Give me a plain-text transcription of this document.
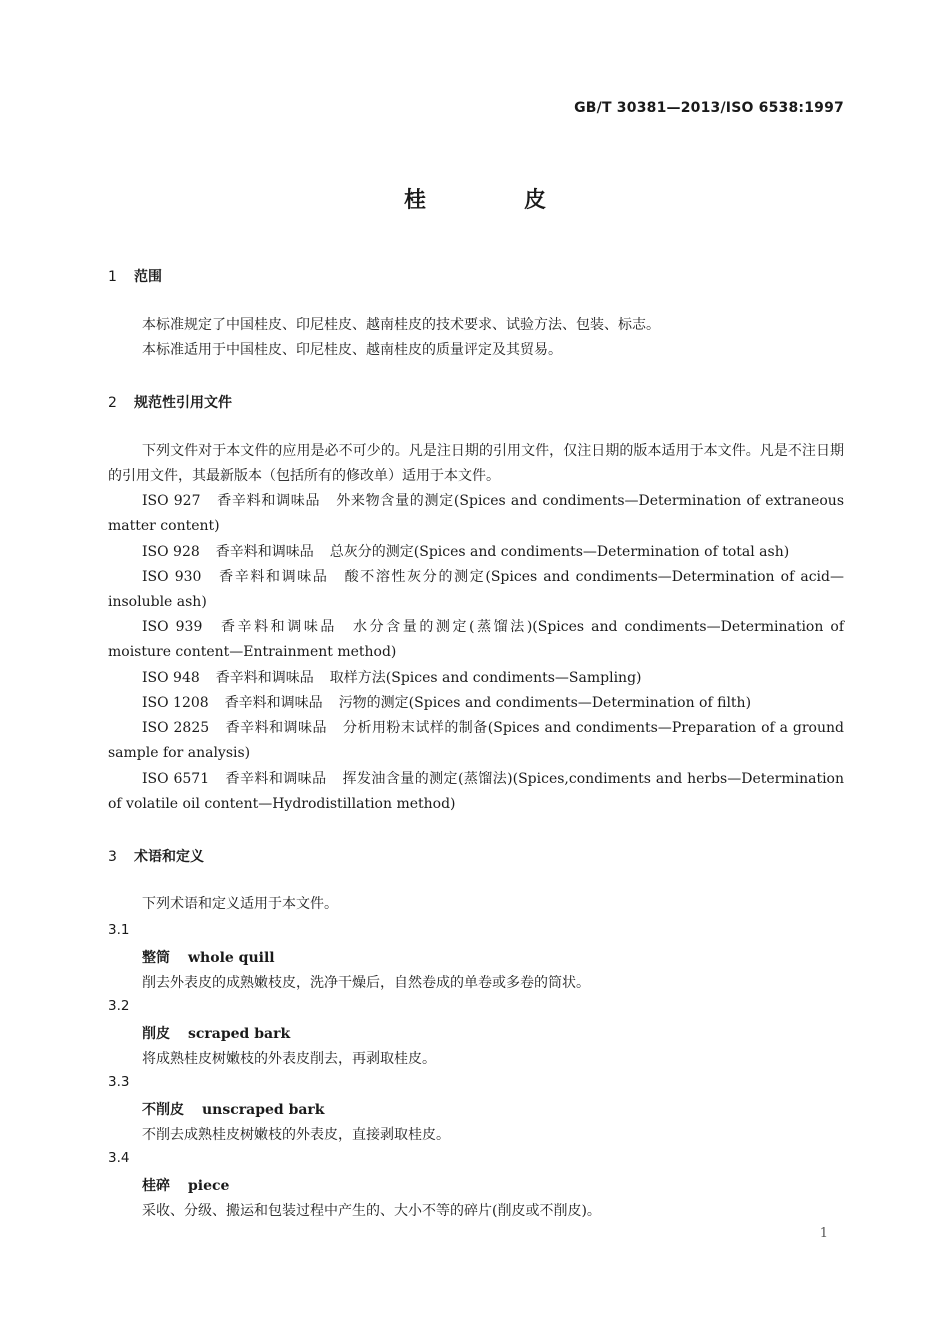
GB/T 30381—2013/ISO 6538:1997
桂　皮
1 范围
本标准规定了中国桂皮、印尼桂皮、越南桂皮的技术要求、试验方法、包装、标志。
本标准适用于中国桂皮、印尼桂皮、越南桂皮的质量评定及其贸易。
2 规范性引用文件
下列文件对于本文件的应用是必不可少的。凡是注日期的引用文件，仅注日期的版本适用于本文件。凡是不注日期的引用文件，其最新版本（包括所有的修改单）适用于本文件。
ISO 927 香辛料和调味品 外来物含量的测定(Spices and condiments—Determination of extraneous matter content)
ISO 928 香辛料和调味品 总灰分的测定(Spices and condiments—Determination of total ash)
ISO 930 香辛料和调味品 酸不溶性灰分的测定(Spices and condiments—Determination of acid—insoluble ash)
ISO 939 香辛料和调味品 水分含量的测定(蒸馏法)(Spices and condiments—Determination of moisture content—Entrainment method)
ISO 948 香辛料和调味品 取样方法(Spices and condiments—Sampling)
ISO 1208 香辛料和调味品 污物的测定(Spices and condiments—Determination of filth)
ISO 2825 香辛料和调味品 分析用粉末试样的制备(Spices and condiments—Preparation of a ground sample for analysis)
ISO 6571 香辛料和调味品 挥发油含量的测定(蒸馏法)(Spices,condiments and herbs—Determination of volatile oil content—Hydrodistillation method)
3 术语和定义
下列术语和定义适用于本文件。
3.1
整筒 whole quill
削去外表皮的成熟嫩枝皮，洗净干燥后，自然卷成的单卷或多卷的筒状。
3.2
削皮 scraped bark
将成熟桂皮树嫩枝的外表皮削去，再剥取桂皮。
3.3
不削皮 unscraped bark
不削去成熟桂皮树嫩枝的外表皮，直接剥取桂皮。
3.4
桂碎 piece
采收、分级、搬运和包装过程中产生的、大小不等的碎片(削皮或不削皮)。
1
